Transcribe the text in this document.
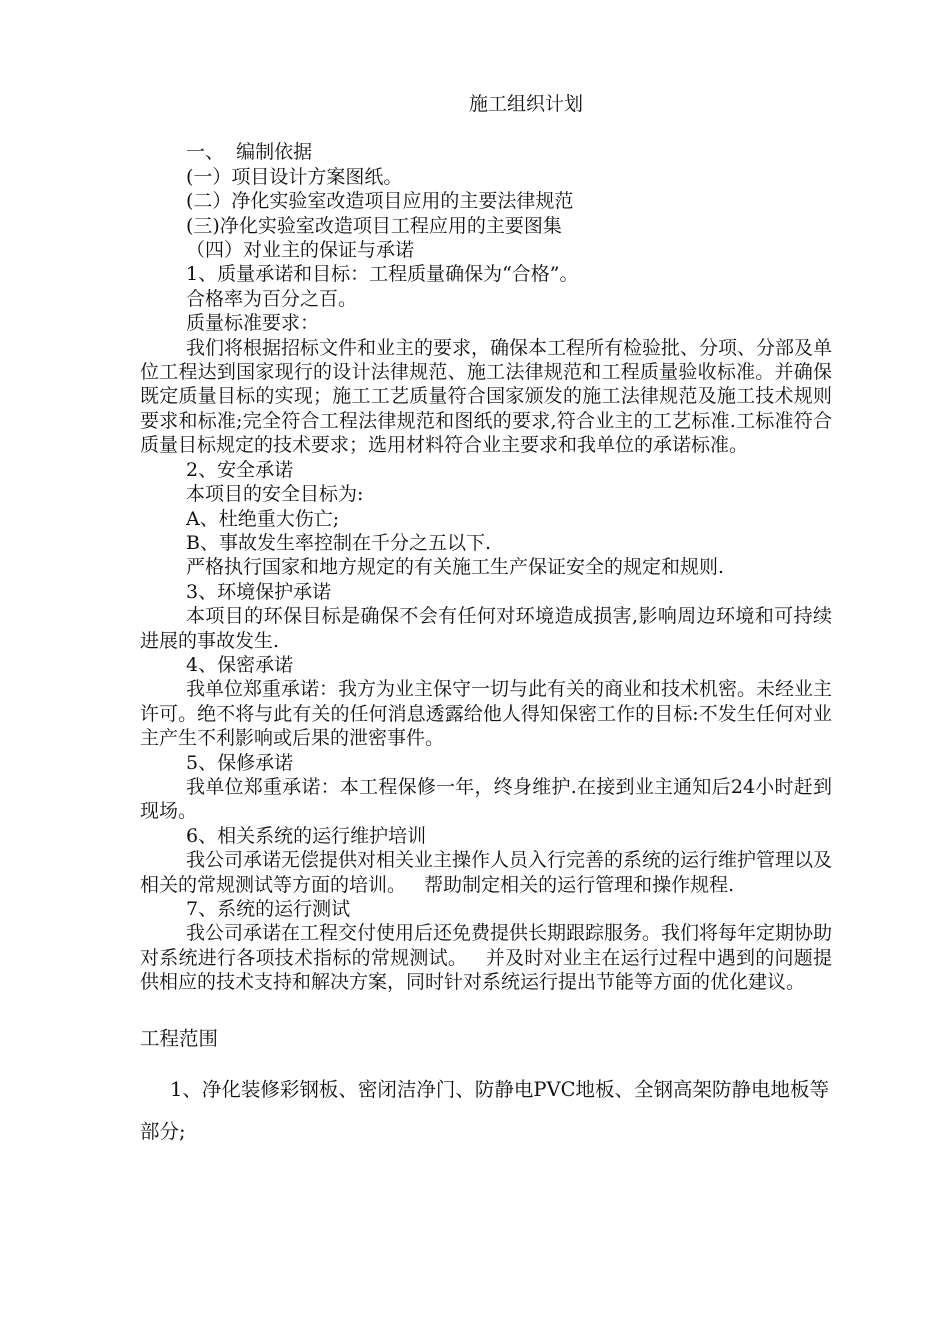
施工组织计划
一、  编制依据
(一）项目设计方案图纸。
(二）净化实验室改造项目应用的主要法律规范
(三)净化实验室改造项目工程应用的主要图集
（四）对业主的保证与承诺
1、质量承诺和目标：工程质量确保为“合格”。
合格率为百分之百。
质量标准要求：
我们将根据招标文件和业主的要求，确保本工程所有检验批、分项、分部及单位工程达到国家现行的设计法律规范、施工法律规范和工程质量验收标准。并确保既定质量目标的实现；施工工艺质量符合国家颁发的施工法律规范及施工技术规则要求和标准;完全符合工程法律规范和图纸的要求,符合业主的工艺标准.工标准符合质量目标规定的技术要求；选用材料符合业主要求和我单位的承诺标准。
2、安全承诺
本项目的安全目标为:
A、杜绝重大伤亡;
B、事故发生率控制在千分之五以下.
严格执行国家和地方规定的有关施工生产保证安全的规定和规则.
3、环境保护承诺
本项目的环保目标是确保不会有任何对环境造成损害,影响周边环境和可持续进展的事故发生.
4、保密承诺
我单位郑重承诺：我方为业主保守一切与此有关的商业和技术机密。未经业主许可。绝不将与此有关的任何消息透露给他人得知保密工作的目标:不发生任何对业主产生不利影响或后果的泄密事件。
5、保修承诺
我单位郑重承诺：本工程保修一年，终身维护.在接到业主通知后24小时赶到现场。
6、相关系统的运行维护培训
我公司承诺无偿提供对相关业主操作人员入行完善的系统的运行维护管理以及相关的常规测试等方面的培训。   帮助制定相关的运行管理和操作规程.
7、系统的运行测试
我公司承诺在工程交付使用后还免费提供长期跟踪服务。我们将每年定期协助对系统进行各项技术指标的常规测试。   并及时对业主在运行过程中遇到的问题提供相应的技术支持和解决方案，同时针对系统运行提出节能等方面的优化建议。
工程范围
1、净化装修彩钢板、密闭洁净门、防静电PVC地板、全钢高架防静电地板等部分;
